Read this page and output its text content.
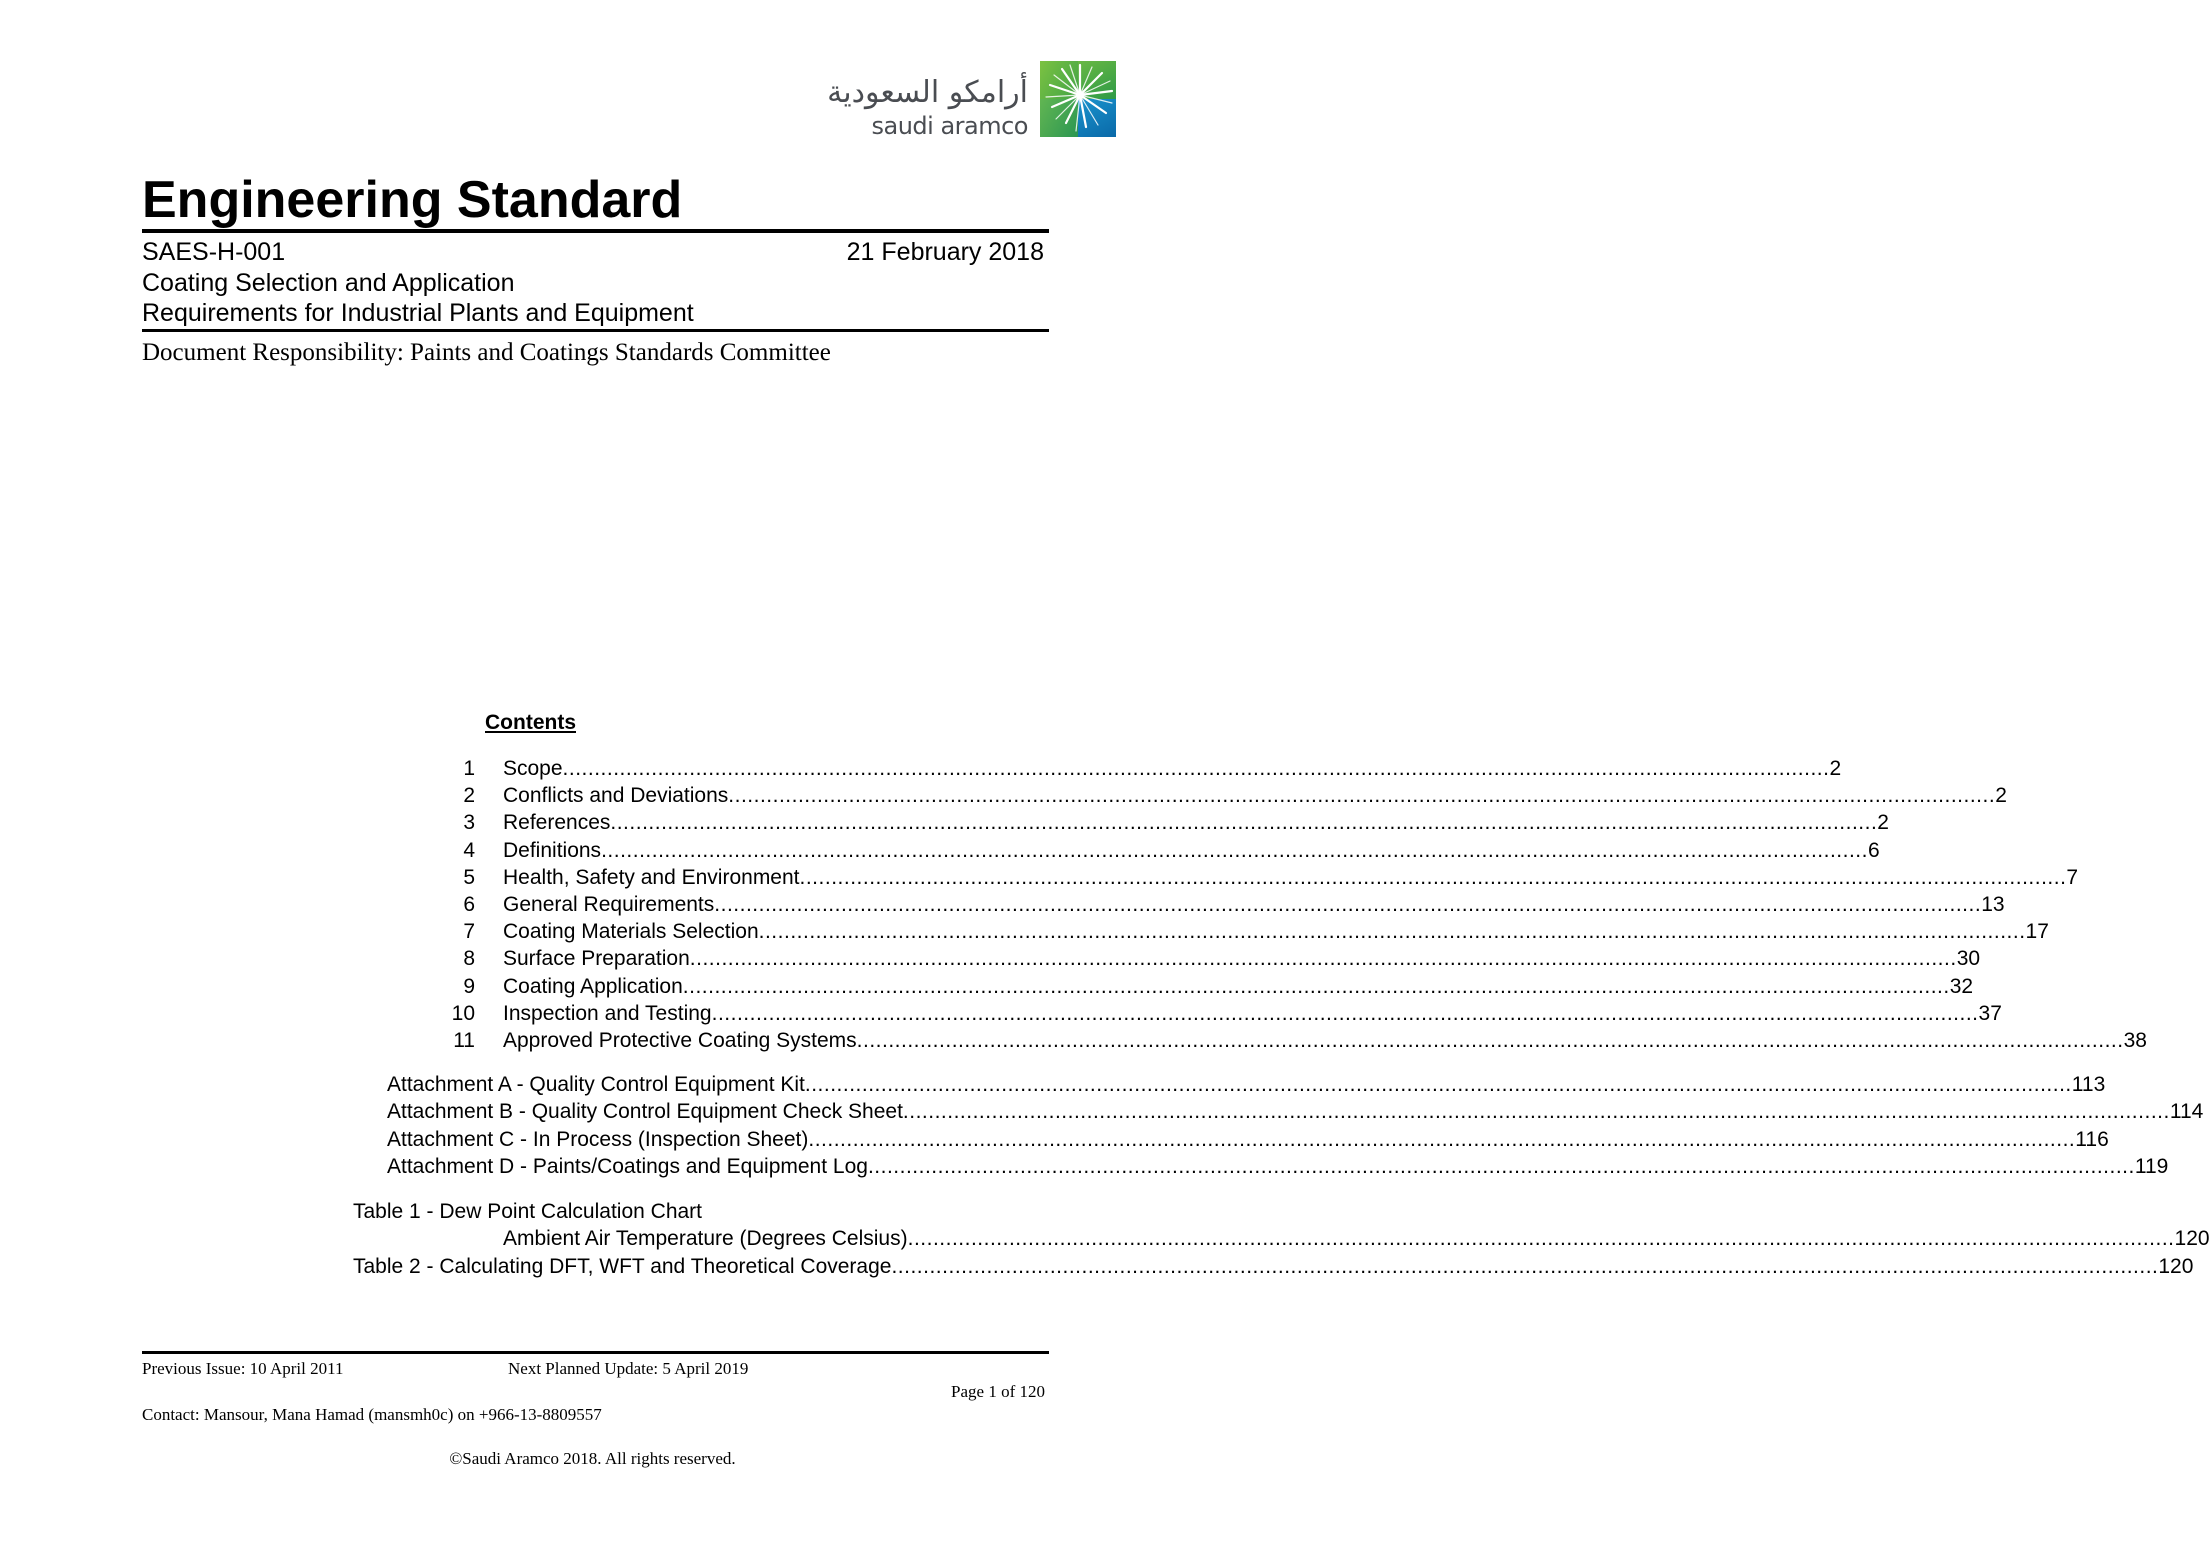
أرامكو السعودية
saudi aramco
Engineering Standard
SAES-H-001	21 February 2018
Coating Selection and Application
Requirements for Industrial Plants and Equipment
Document Responsibility: Paints and Coatings Standards Committee
Contents
1 Scope ........................................................................................................................................................................................................ 2
2 Conflicts and Deviations ........................................................................................................................................................................................................ 2
3 References ........................................................................................................................................................................................................ 2
4 Definitions ........................................................................................................................................................................................................ 6
5 Health, Safety and Environment ........................................................................................................................................................................................................ 7
6 General Requirements ........................................................................................................................................................................................................ 13
7 Coating Materials Selection ........................................................................................................................................................................................................ 17
8 Surface Preparation ........................................................................................................................................................................................................ 30
9 Coating Application ........................................................................................................................................................................................................ 32
10 Inspection and Testing ........................................................................................................................................................................................................ 37
11 Approved Protective Coating Systems ........................................................................................................................................................................................................ 38
Attachment A - Quality Control Equipment Kit ........................................................................................................................................................................................................ 113
Attachment B - Quality Control Equipment Check Sheet ........................................................................................................................................................................................................ 114
Attachment C - In Process (Inspection Sheet) ........................................................................................................................................................................................................ 116
Attachment D - Paints/Coatings and Equipment Log ........................................................................................................................................................................................................ 119
Table 1 - Dew Point Calculation Chart
Ambient Air Temperature (Degrees Celsius) ........................................................................................................................................................................................................ 120
Table 2 - Calculating DFT, WFT and Theoretical Coverage ........................................................................................................................................................................................................ 120
Previous Issue: 10 April 2011	Next Planned Update: 5 April 2019
Page 1 of 120
Contact: Mansour, Mana Hamad (mansmh0c) on +966-13-8809557
©Saudi Aramco 2018. All rights reserved.
